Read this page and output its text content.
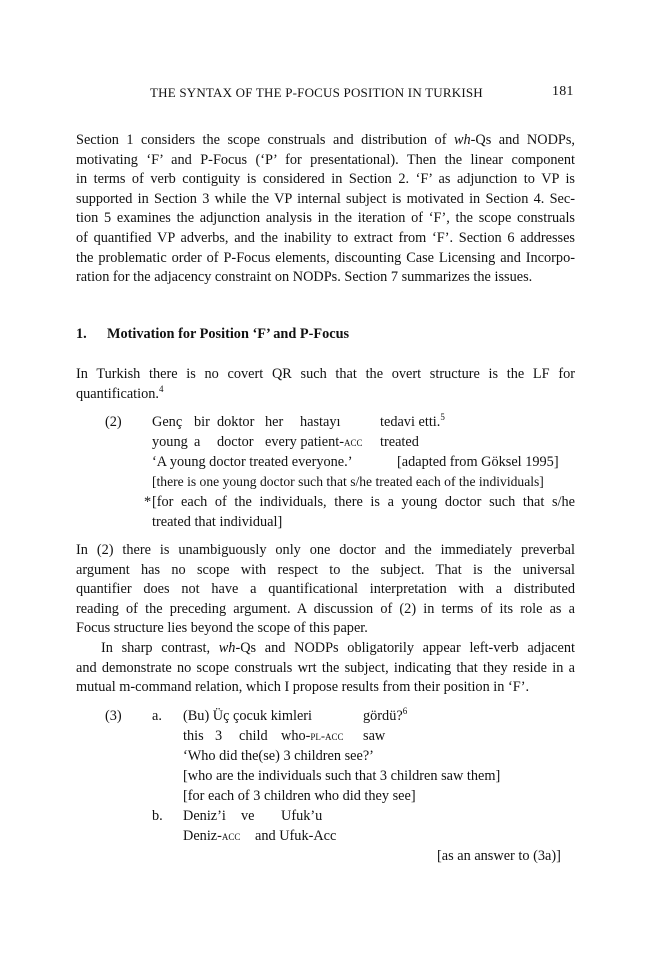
THE SYNTAX OF THE P-FOCUS POSITION IN TURKISH	181
Section 1 considers the scope construals and distribution of wh-Qs and NODPs,
motivating ‘F’ and P-Focus (‘P’ for presentational). Then the linear component
in terms of verb contiguity is considered in Section 2. ‘F’ as adjunction to VP is
supported in Section 3 while the VP internal subject is motivated in Section 4. Sec-
tion 5 examines the adjunction analysis in the iteration of ‘F’, the scope construals
of quantified VP adverbs, and the inability to extract from ‘F’. Section 6 addresses
the problematic order of P-Focus elements, discounting Case Licensing and Incorpo-
ration for the adjacency constraint on NODPs. Section 7 summarizes the issues.
1. Motivation for Position ‘F’ and P-Focus
In Turkish there is no covert QR such that the overt structure is the LF for
quantification.$^4$
(2) Genç bir doktor her hastayı	tedavi etti.$^5$
young a doctor every patient-acc treated
‘A young doctor treated everyone.’	[adapted from Göksel 1995]
[there is one young doctor such that s/he treated each of the individuals]
* [for each of the individuals, there is a young doctor such that s/he
treated that individual]
In (2) there is unambiguously only one doctor and the immediately preverbal
argument has no scope with respect to the subject. That is the universal
quantifier does not have a quantificational interpretation with a distributed
reading of the preceding argument. A discussion of (2) in terms of its role as a
Focus structure lies beyond the scope of this paper.
In sharp contrast, wh-Qs and NODPs obligatorily appear left-verb adjacent
and demonstrate no scope construals wrt the subject, indicating that they reside in a
mutual m-command relation, which I propose results from their position in ‘F’.
(3) a. (Bu) Üç çocuk kimleri	gördü?$^6$
this 3 child who-pl-acc saw
‘Who did the(se) 3 children see?’
[who are the individuals such that 3 children saw them]
[for each of 3 children who did they see]
b. Deniz’i ve Ufuk’u
Deniz-acc and Ufuk-Acc
[as an answer to (3a)]
